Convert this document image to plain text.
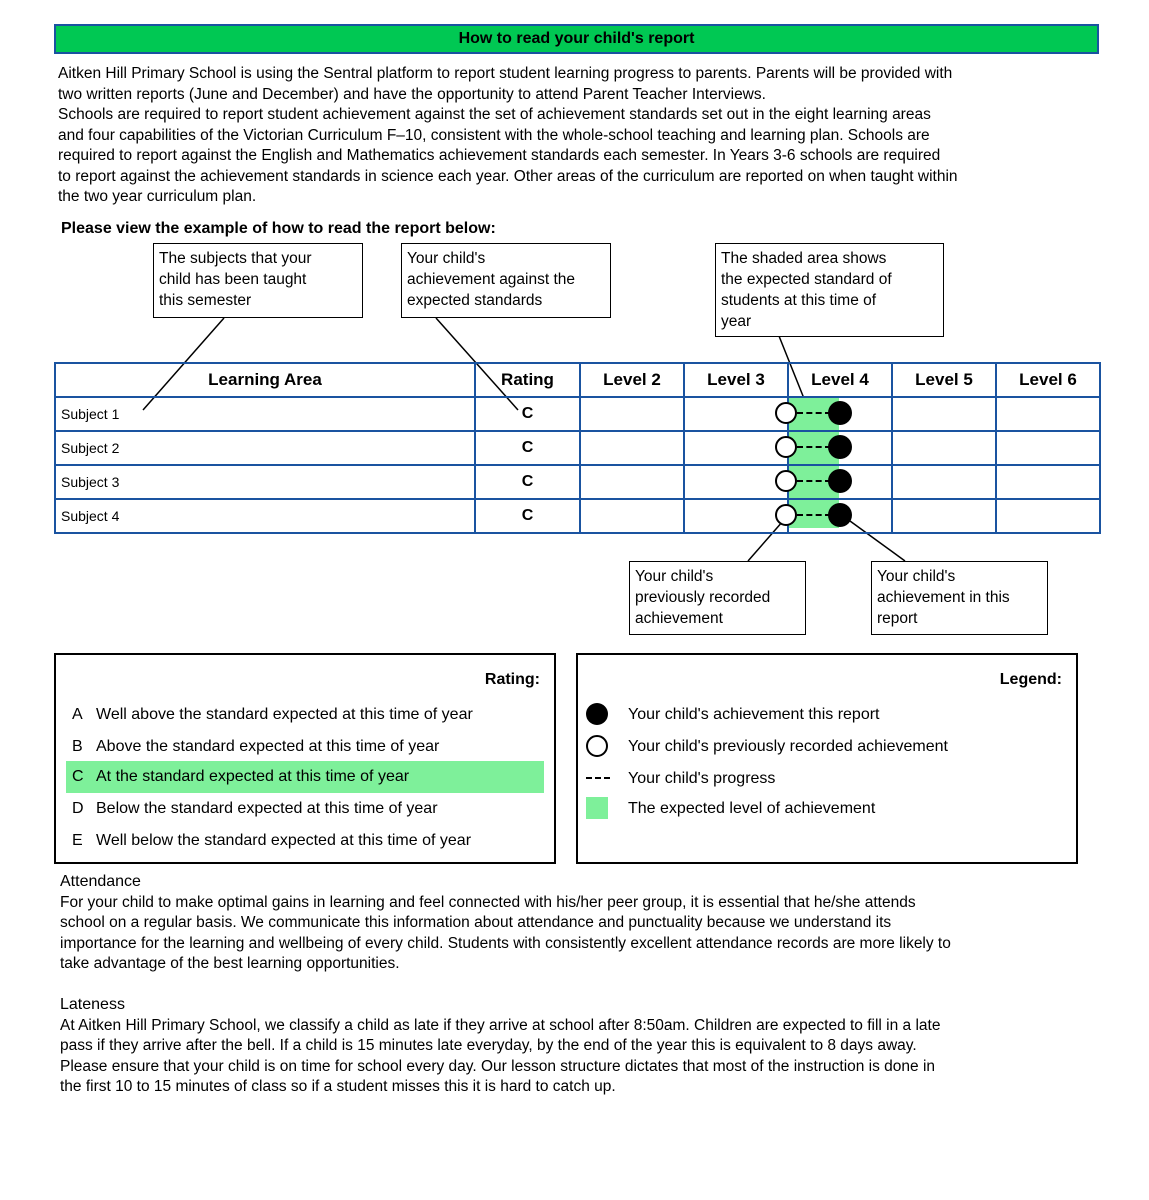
How to read your child's report
Aitken Hill Primary School is using the Sentral platform to report student learning progress to parents. Parents will be provided with
two written reports (June and December) and have the opportunity to attend Parent Teacher Interviews.
Schools are required to report student achievement against the set of achievement standards set out in the eight learning areas
and four capabilities of the Victorian Curriculum F–10, consistent with the whole-school teaching and learning plan. Schools are
required to report against the English and Mathematics achievement standards each semester. In Years 3-6 schools are required
to report against the achievement standards in science each year. Other areas of the curriculum are reported on when taught within
the two year curriculum plan.
Please view the example of how to read the report below:
The subjects that your
child has been taught
this semester
Your child's
achievement against the
expected standards
The shaded area shows
the expected standard of
students at this time of
year
Learning Area	Rating	Level 2	Level 3	Level 4	Level 5	Level 6
Subject 1	C					
Subject 2	C					
Subject 3	C					
Subject 4	C					
Your child's
previously recorded
achievement
Your child's
achievement in this
report
Rating:
A Well above the standard expected at this time of year
B Above the standard expected at this time of year
C At the standard expected at this time of year
D Below the standard expected at this time of year
E Well below the standard expected at this time of year
Legend:
Your child's achievement this report
Your child's previously recorded achievement
Your child's progress
The expected level of achievement
Attendance
For your child to make optimal gains in learning and feel connected with his/her peer group, it is essential that he/she attends
school on a regular basis. We communicate this information about attendance and punctuality because we understand its
importance for the learning and wellbeing of every child. Students with consistently excellent attendance records are more likely to
take advantage of the best learning opportunities.
Lateness
At Aitken Hill Primary School, we classify a child as late if they arrive at school after 8:50am. Children are expected to fill in a late
pass if they arrive after the bell. If a child is 15 minutes late everyday, by the end of the year this is equivalent to 8 days away.
Please ensure that your child is on time for school every day. Our lesson structure dictates that most of the instruction is done in
the first 10 to 15 minutes of class so if a student misses this it is hard to catch up.
